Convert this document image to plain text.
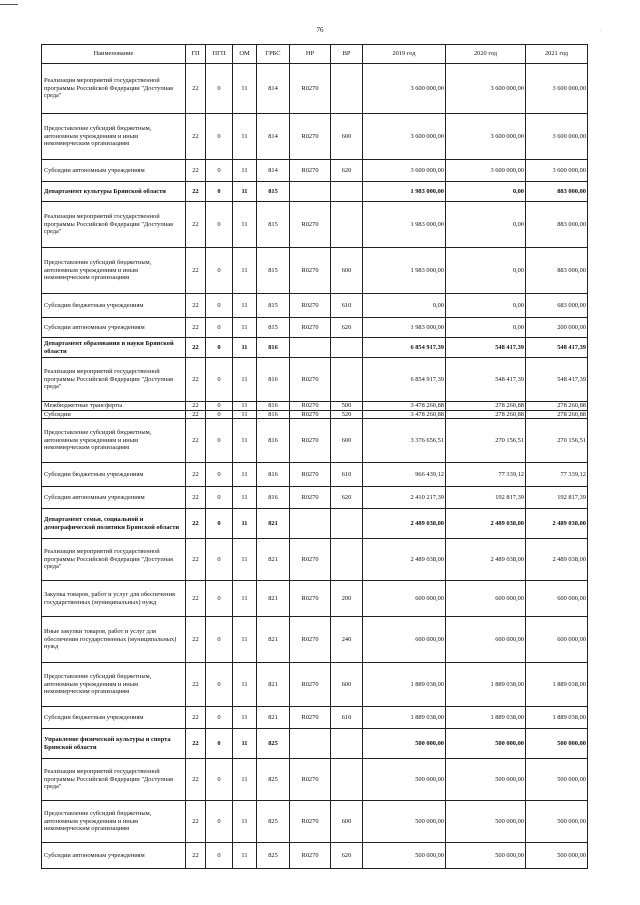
76	·
Наименование	ГП	ПГП	ОМ	ГРБС	НР	ВР	2019 год	2020 год	2021 год
Реализация мероприятий государственной программы Российской Федерации "Доступная среда"	22	0	11	814	R0270		3 600 000,00	3 600 000,00	3 600 000,00
Предоставление субсидий бюджетным, автономным учреждениям и иным некоммерческим организациям	22	0	11	814	R0270	600	3 600 000,00	3 600 000,00	3 600 000,00
Субсидии автономным учреждениям	22	0	11	814	R0270	620	3 600 000,00	3 600 000,00	3 600 000,00
Департамент культуры Брянской области	22	0	11	815			1 983 000,00	0,00	883 000,00
Реализация мероприятий государственной программы Российской Федерации "Доступная среда"	22	0	11	815	R0270		1 983 000,00	0,00	883 000,00
Предоставление субсидий бюджетным, автономным учреждениям и иным некоммерческим организациям	22	0	11	815	R0270	600	1 983 000,00	0,00	883 000,00
Субсидии бюджетным учреждениям	22	0	11	815	R0270	610	0,00	0,00	683 000,00
Субсидии автономным учреждениям	22	0	11	815	R0270	620	1 983 000,00	0,00	200 000,00
Департамент образования и науки Брянской области	22	0	11	816			6 854 917,39	548 417,39	548 417,39
Реализация мероприятий государственной программы Российской Федерации "Доступная среда"	22	0	11	816	R0270		6 854 917,39	548 417,39	548 417,39
Межбюджетные трансферты	22	0	11	816	R0270	500	3 478 260,88	278 260,88	278 260,88
Субсидии	22	0	11	816	R0270	520	3 478 260,88	278 260,88	278 260,88
Предоставление субсидий бюджетным, автономным учреждениям и иным некоммерческим организациям	22	0	11	816	R0270	600	3 376 656,51	270 156,51	270 156,51
Субсидии бюджетным учреждениям	22	0	11	816	R0270	610	966 439,12	77 339,12	77 339,12
Субсидии автономным учреждениям	22	0	11	816	R0270	620	2 410 217,39	192 817,39	192 817,39
Департамент семьи, социальной и демографической политики Брянской области	22	0	11	821			2 489 038,00	2 489 038,00	2 489 038,00
Реализация мероприятий государственной программы Российской Федерации "Доступная среда"	22	0	11	821	R0270		2 489 038,00	2 489 038,00	2 489 038,00
Закупка товаров, работ и услуг для обеспечения государственных (муниципальных) нужд	22	0	11	821	R0270	200	600 000,00	600 000,00	600 000,00
Иные закупки товаров, работ и услуг для обеспечения государственных (муниципальных) нужд	22	0	11	821	R0270	240	600 000,00	600 000,00	600 000,00
Предоставление субсидий бюджетным, автономным учреждениям и иным некоммерческим организациям	22	0	11	821	R0270	600	1 889 038,00	1 889 038,00	1 889 038,00
Субсидии бюджетным учреждениям	22	0	11	821	R0270	610	1 889 038,00	1 889 038,00	1 889 038,00
Управление физической культуры и спорта Брянской области	22	0	11	825			500 000,00	500 000,00	500 000,00
Реализация мероприятий государственной программы Российской Федерации "Доступная среда"	22	0	11	825	R0270		500 000,00	500 000,00	500 000,00
Предоставление субсидий бюджетным, автономным учреждениям и иным некоммерческим организациям	22	0	11	825	R0270	600	500 000,00	500 000,00	500 000,00
Субсидии автономным учреждениям	22	0	11	825	R0270	620	500 000,00	500 000,00	500 000,00
